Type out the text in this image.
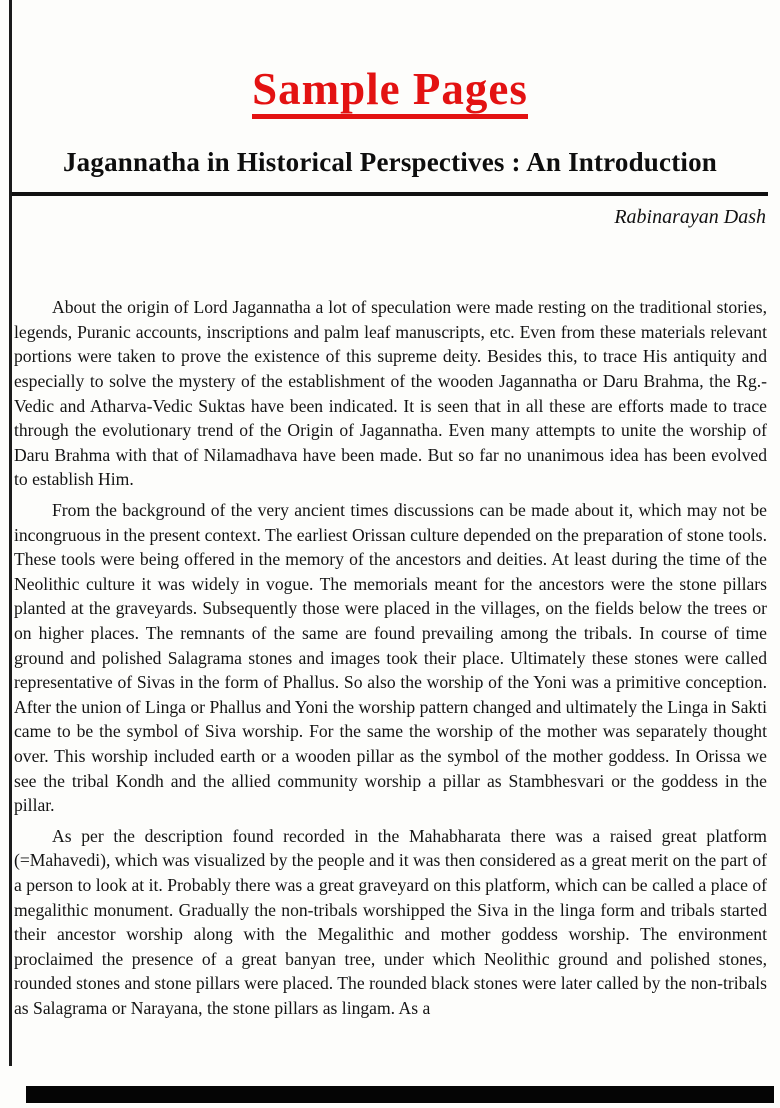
Sample Pages
Jagannatha in Historical Perspectives : An Introduction
Rabinarayan Dash

About the origin of Lord Jagannatha a lot of speculation were made resting on the traditional stories, legends, Puranic accounts, inscriptions and palm leaf manuscripts, etc. Even from these materials relevant portions were taken to prove the existence of this supreme deity. Besides this, to trace His antiquity and especially to solve the mystery of the establishment of the wooden Jagannatha or Daru Brahma, the Rg.-Vedic and Atharva-Vedic Suktas have been indicated. It is seen that in all these are efforts made to trace through the evolutionary trend of the Origin of Jagannatha. Even many attempts to unite the worship of Daru Brahma with that of Nilamadhava have been made. But so far no unanimous idea has been evolved to establish Him.

From the background of the very ancient times discussions can be made about it, which may not be incongruous in the present context. The earliest Orissan culture depended on the preparation of stone tools. These tools were being offered in the memory of the ancestors and deities. At least during the time of the Neolithic culture it was widely in vogue. The memorials meant for the ancestors were the stone pillars planted at the graveyards. Subsequently those were placed in the villages, on the fields below the trees or on higher places. The remnants of the same are found prevailing among the tribals. In course of time ground and polished Salagrama stones and images took their place. Ultimately these stones were called representative of Sivas in the form of Phallus. So also the worship of the Yoni was a primitive conception. After the union of Linga or Phallus and Yoni the worship pattern changed and ultimately the Linga in Sakti came to be the symbol of Siva worship. For the same the worship of the mother was separately thought over. This worship included earth or a wooden pillar as the symbol of the mother goddess. In Orissa we see the tribal Kondh and the allied community worship a pillar as Stambhesvari or the goddess in the pillar.

As per the description found recorded in the Mahabharata there was a raised great platform (=Mahavedi), which was visualized by the people and it was then considered as a great merit on the part of a person to look at it. Probably there was a great graveyard on this platform, which can be called a place of megalithic monument. Gradually the non-tribals worshipped the Siva in the linga form and tribals started their ancestor worship along with the Megalithic and mother goddess worship. The environment proclaimed the presence of a great banyan tree, under which Neolithic ground and polished stones, rounded stones and stone pillars were placed. The rounded black stones were later called by the non-tribals as Salagrama or Narayana, the stone pillars as lingam. As a
